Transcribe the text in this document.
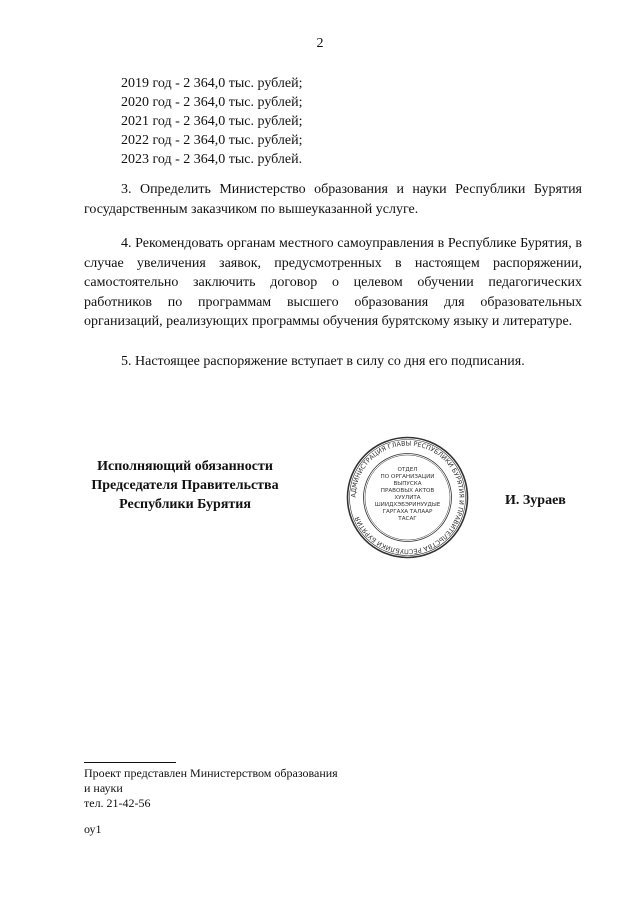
2
2019 год - 2 364,0 тыс. рублей;
2020 год - 2 364,0 тыс. рублей;
2021 год - 2 364,0 тыс. рублей;
2022 год - 2 364,0 тыс. рублей;
2023 год - 2 364,0 тыс. рублей.
3. Определить Министерство образования и науки Республики Бурятия государственным заказчиком по вышеуказанной услуге.
4. Рекомендовать органам местного самоуправления в Республике Бурятия, в случае увеличения заявок, предусмотренных в настоящем распоряжении, самостоятельно заключить договор о целевом обучении педагогических работников по программам высшего образования для образовательных организаций, реализующих программы обучения бурятскому языку и литературе.
5. Настоящее распоряжение вступает в силу со дня его подписания.
Исполняющий обязанности
Председателя Правительства
Республики Бурятия
АДМИНИСТРАЦИЯ ГЛАВЫ РЕСПУБЛИКИ БУРЯТИЯ И ПРАВИТЕЛЬСТВА РЕСПУБЛИКИ БУРЯТИЯ
ОТДЕЛ
ПО ОРГАНИЗАЦИИ
ВЫПУСКА
ПРАВОВЫХ АКТОВ
ХУУЛИТА
ШИИДХЭБЭРИНУУДЫЕ
ГАРГАХА ТАЛААР
ТАСАГ
И. Зураев
Проект представлен Министерством образования
и науки
тел. 21-42-56
оу1
